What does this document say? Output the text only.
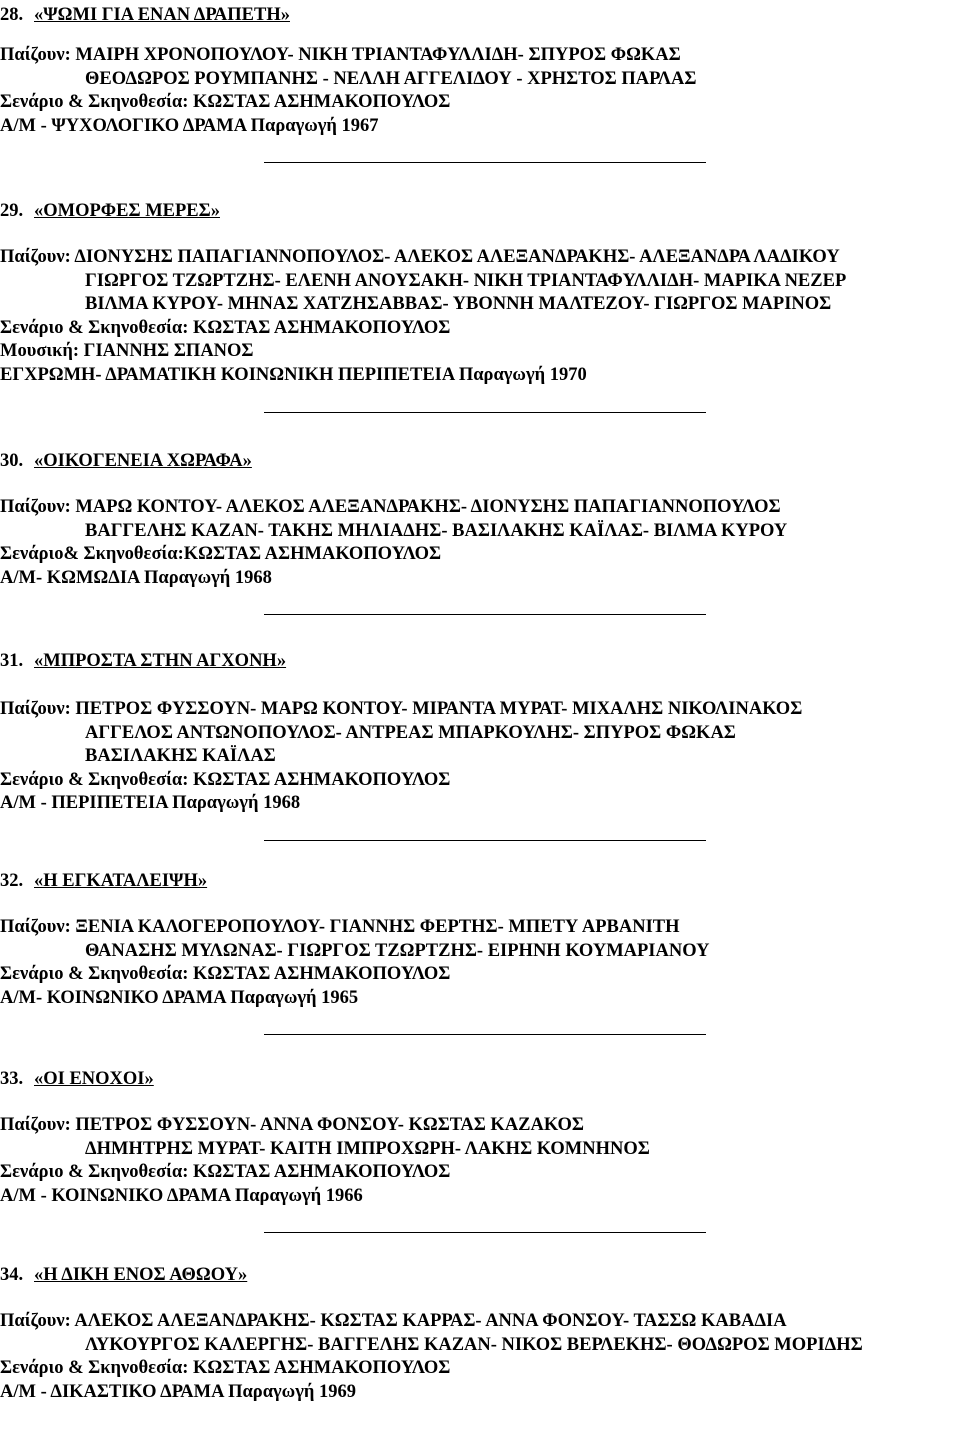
28. «ΨΩΜΙ ΓΙΑ ΕΝΑΝ ΔΡΑΠΕΤΗ»
Παίζουν: ΜΑΙΡΗ ΧΡΟΝΟΠΟΥΛΟΥ- ΝΙΚΗ ΤΡΙΑΝΤΑΦΥΛΛΙΔΗ- ΣΠΥΡΟΣ ΦΩΚΑΣ
ΘΕΟΔΩΡΟΣ ΡΟΥΜΠΑΝΗΣ - ΝΕΛΛΗ ΑΓΓΕΛΙΔΟΥ - ΧΡΗΣΤΟΣ ΠΑΡΛΑΣ
Σενάριο & Σκηνοθεσία: ΚΩΣΤΑΣ ΑΣΗΜΑΚΟΠΟΥΛΟΣ
Α/Μ - ΨΥΧΟΛΟΓΙΚΟ ΔΡΑΜΑ Παραγωγή 1967
29. «ΟΜΟΡΦΕΣ ΜΕΡΕΣ»
Παίζουν: ΔΙΟΝΥΣΗΣ ΠΑΠΑΓΙΑΝΝΟΠΟΥΛΟΣ- ΑΛΕΚΟΣ ΑΛΕΞΑΝΔΡΑΚΗΣ- ΑΛΕΞΑΝΔΡΑ ΛΑΔΙΚΟΥ
ΓΙΩΡΓΟΣ ΤΖΩΡΤΖΗΣ- ΕΛΕΝΗ ΑΝΟΥΣΑΚΗ- ΝΙΚΗ ΤΡΙΑΝΤΑΦΥΛΛΙΔΗ- ΜΑΡΙΚΑ ΝΕΖΕΡ
ΒΙΛΜΑ ΚΥΡΟΥ- ΜΗΝΑΣ ΧΑΤΖΗΣΑΒΒΑΣ- ΥΒΟΝΝΗ ΜΑΛΤΕΖΟΥ- ΓΙΩΡΓΟΣ ΜΑΡΙΝΟΣ
Σενάριο & Σκηνοθεσία: ΚΩΣΤΑΣ ΑΣΗΜΑΚΟΠΟΥΛΟΣ
Μουσική: ΓΙΑΝΝΗΣ ΣΠΑΝΟΣ
ΕΓΧΡΩΜΗ- ΔΡΑΜΑΤΙΚΗ ΚΟΙΝΩΝΙΚΗ ΠΕΡΙΠΕΤΕΙΑ Παραγωγή 1970
30. «ΟΙΚΟΓΕΝΕΙΑ ΧΩΡΑΦΑ»
Παίζουν: ΜΑΡΩ ΚΟΝΤΟΥ- ΑΛΕΚΟΣ ΑΛΕΞΑΝΔΡΑΚΗΣ- ΔΙΟΝΥΣΗΣ ΠΑΠΑΓΙΑΝΝΟΠΟΥΛΟΣ
ΒΑΓΓΕΛΗΣ ΚΑΖΑΝ- ΤΑΚΗΣ ΜΗΛΙΑΔΗΣ- ΒΑΣΙΛΑΚΗΣ ΚΑΪΛΑΣ- ΒΙΛΜΑ ΚΥΡΟΥ
Σενάριο& Σκηνοθεσία:ΚΩΣΤΑΣ ΑΣΗΜΑΚΟΠΟΥΛΟΣ
Α/Μ- ΚΩΜΩΔΙΑ Παραγωγή 1968
31. «ΜΠΡΟΣΤΑ ΣΤΗΝ ΑΓΧΟΝΗ»
Παίζουν: ΠΕΤΡΟΣ ΦΥΣΣΟΥΝ- ΜΑΡΩ ΚΟΝΤΟΥ- ΜΙΡΑΝΤΑ ΜΥΡΑΤ- ΜΙΧΑΛΗΣ ΝΙΚΟΛΙΝΑΚΟΣ
ΑΓΓΕΛΟΣ ΑΝΤΩΝΟΠΟΥΛΟΣ- ΑΝΤΡΕΑΣ ΜΠΑΡΚΟΥΛΗΣ- ΣΠΥΡΟΣ ΦΩΚΑΣ
ΒΑΣΙΛΑΚΗΣ ΚΑΪΛΑΣ
Σενάριο & Σκηνοθεσία: ΚΩΣΤΑΣ ΑΣΗΜΑΚΟΠΟΥΛΟΣ
Α/Μ - ΠΕΡΙΠΕΤΕΙΑ Παραγωγή 1968
32. «Η ΕΓΚΑΤΑΛΕΙΨΗ»
Παίζουν: ΞΕΝΙΑ ΚΑΛΟΓΕΡΟΠΟΥΛΟΥ- ΓΙΑΝΝΗΣ ΦΕΡΤΗΣ- ΜΠΕΤΥ ΑΡΒΑΝΙΤΗ
ΘΑΝΑΣΗΣ ΜΥΛΩΝΑΣ- ΓΙΩΡΓΟΣ ΤΖΩΡΤΖΗΣ- ΕΙΡΗΝΗ ΚΟΥΜΑΡΙΑΝΟΥ
Σενάριο & Σκηνοθεσία: ΚΩΣΤΑΣ ΑΣΗΜΑΚΟΠΟΥΛΟΣ
Α/Μ- ΚΟΙΝΩΝΙΚΟ ΔΡΑΜΑ Παραγωγή 1965
33. «ΟΙ ΕΝΟΧΟΙ»
Παίζουν: ΠΕΤΡΟΣ ΦΥΣΣΟΥΝ- ΑΝΝΑ ΦΟΝΣΟΥ- ΚΩΣΤΑΣ ΚΑΖΑΚΟΣ
ΔΗΜΗΤΡΗΣ ΜΥΡΑΤ- ΚΑΙΤΗ ΙΜΠΡΟΧΩΡΗ- ΛΑΚΗΣ ΚΟΜΝΗΝΟΣ
Σενάριο & Σκηνοθεσία: ΚΩΣΤΑΣ ΑΣΗΜΑΚΟΠΟΥΛΟΣ
Α/Μ - ΚΟΙΝΩΝΙΚΟ ΔΡΑΜΑ Παραγωγή 1966
34. «Η ΔΙΚΗ ΕΝΟΣ ΑΘΩΟΥ»
Παίζουν: ΑΛΕΚΟΣ ΑΛΕΞΑΝΔΡΑΚΗΣ- ΚΩΣΤΑΣ ΚΑΡΡΑΣ- ΑΝΝΑ ΦΟΝΣΟΥ- ΤΑΣΣΩ ΚΑΒΑΔΙΑ
ΛΥΚΟΥΡΓΟΣ ΚΑΛΕΡΓΗΣ- ΒΑΓΓΕΛΗΣ ΚΑΖΑΝ- ΝΙΚΟΣ ΒΕΡΛΕΚΗΣ- ΘΟΔΩΡΟΣ ΜΟΡΙΔΗΣ
Σενάριο & Σκηνοθεσία: ΚΩΣΤΑΣ ΑΣΗΜΑΚΟΠΟΥΛΟΣ
Α/Μ - ΔΙΚΑΣΤΙΚΟ ΔΡΑΜΑ Παραγωγή 1969
